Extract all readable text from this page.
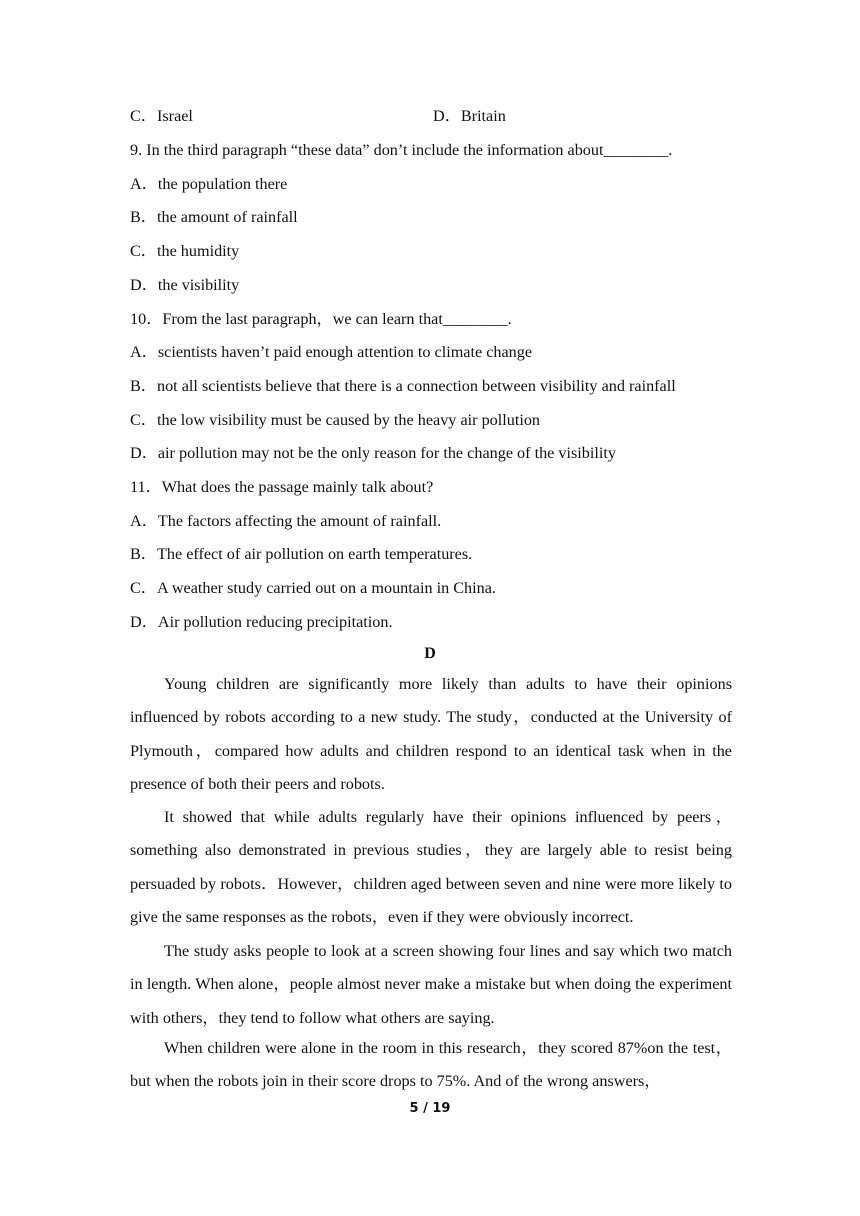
C．Israel	D．Britain
9. In the third paragraph “these data” don’t include the information about________.
A．the population there
B．the amount of rainfall
C．the humidity
D．the visibility
10．From the last paragraph，we can learn that________.
A．scientists haven’t paid enough attention to climate change
B．not all scientists believe that there is a connection between visibility and rainfall
C．the low visibility must be caused by the heavy air pollution
D．air pollution may not be the only reason for the change of the visibility
11．What does the passage mainly talk about?
A．The factors affecting the amount of rainfall.
B．The effect of air pollution on earth temperatures.
C．A weather study carried out on a mountain in China.
D．Air pollution reducing precipitation.
D
Young children are significantly more likely than adults to have their opinions influenced by robots according to a new study. The study，conducted at the University of Plymouth，compared how adults and children respond to an identical task when in the presence of both their peers and robots.
It showed that while adults regularly have their opinions influenced by peers，something also demonstrated in previous studies，they are largely able to resist being persuaded by robots．However，children aged between seven and nine were more likely to give the same responses as the robots，even if they were obviously incorrect.
The study asks people to look at a screen showing four lines and say which two match in length. When alone，people almost never make a mistake but when doing the experiment with others，they tend to follow what others are saying.
When children were alone in the room in this research，they scored 87%on the test，but when the robots join in their score drops to 75%. And of the wrong answers，
5 / 19
